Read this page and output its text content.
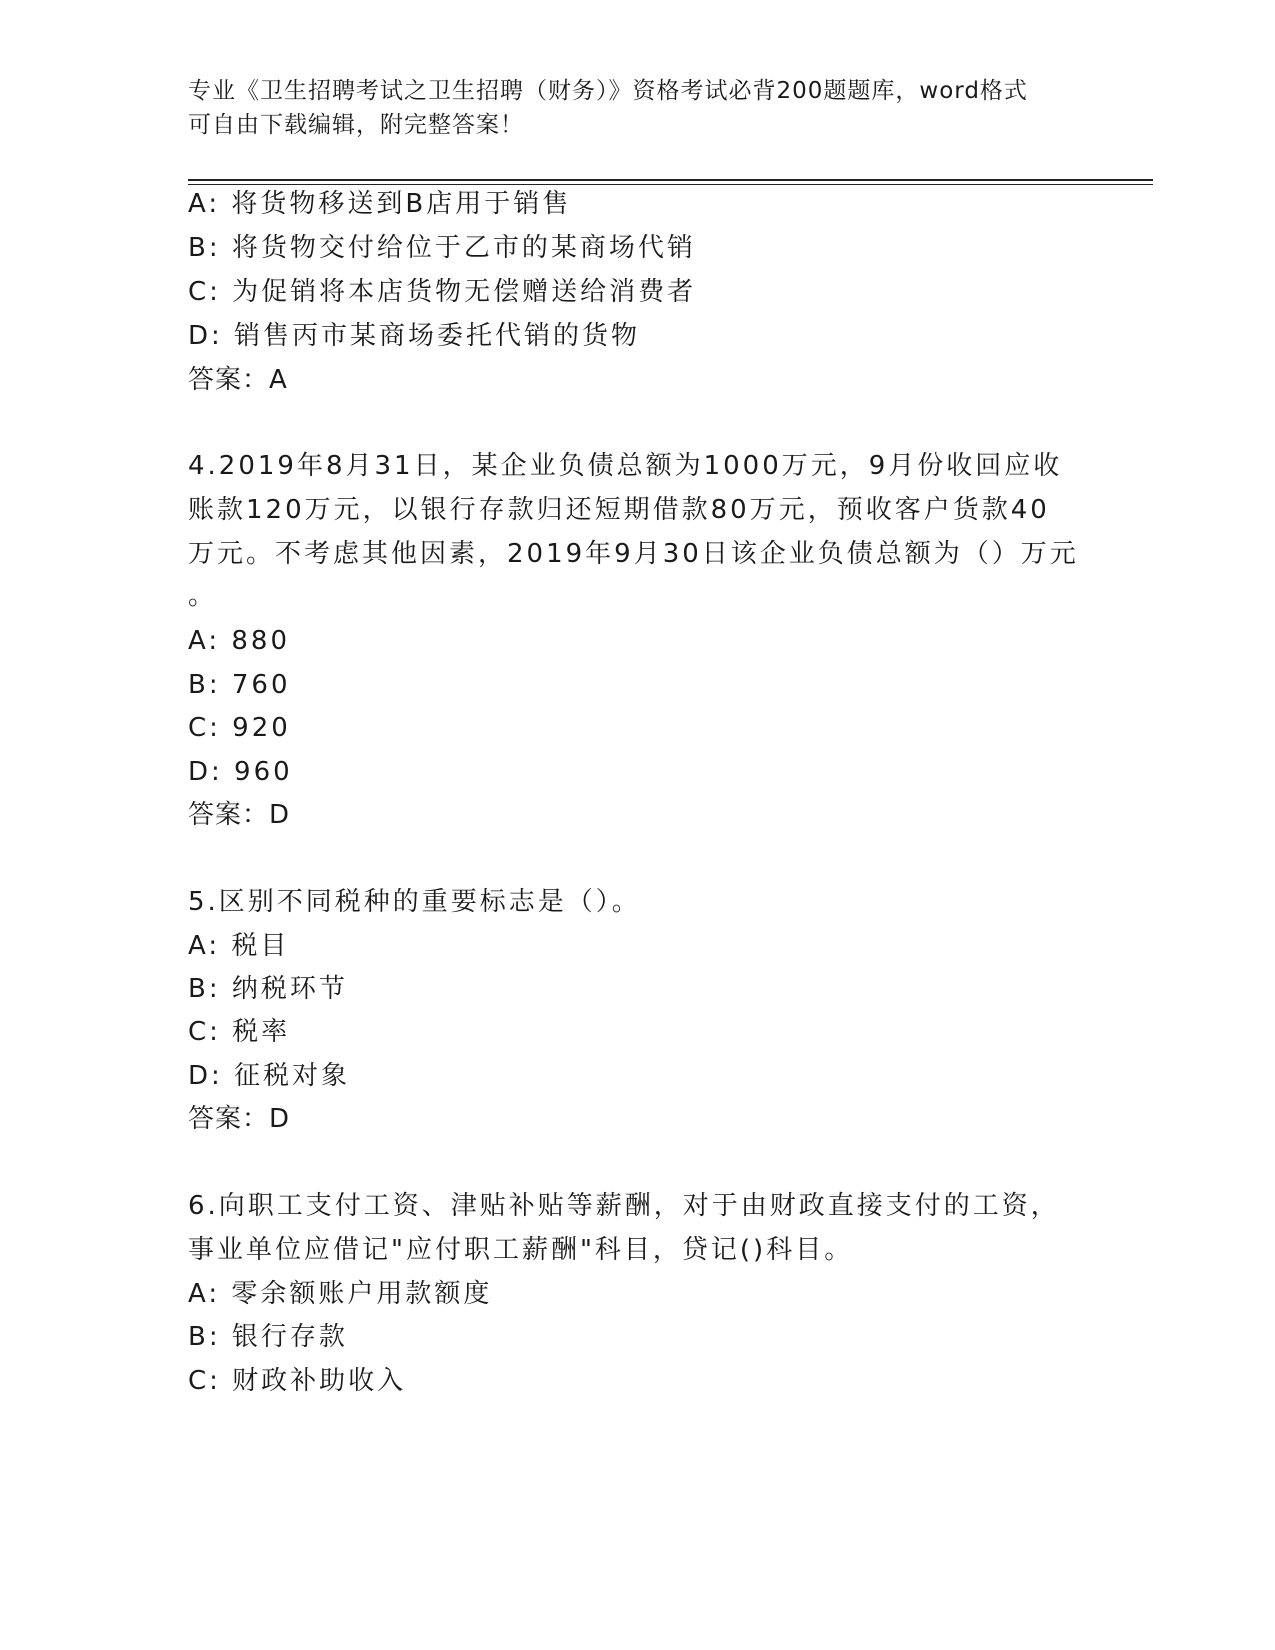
专业《卫生招聘考试之卫生招聘（财务）》资格考试必背200题题库，word格式
可自由下载编辑，附完整答案！
A: 将货物移送到B店用于销售
B: 将货物交付给位于乙市的某商场代销
C: 为促销将本店货物无偿赠送给消费者
D: 销售丙市某商场委托代销的货物
答案：A
4.2019年8月31日，某企业负债总额为1000万元，9月份收回应收
账款120万元，以银行存款归还短期借款80万元，预收客户货款40
万元。不考虑其他因素，2019年9月30日该企业负债总额为（）万元
。
A: 880
B: 760
C: 920
D: 960
答案：D
5.区别不同税种的重要标志是（）。
A: 税目
B: 纳税环节
C: 税率
D: 征税对象
答案：D
6.向职工支付工资、津贴补贴等薪酬，对于由财政直接支付的工资，
事业单位应借记"应付职工薪酬"科目，贷记()科目。
A: 零余额账户用款额度
B: 银行存款
C: 财政补助收入
